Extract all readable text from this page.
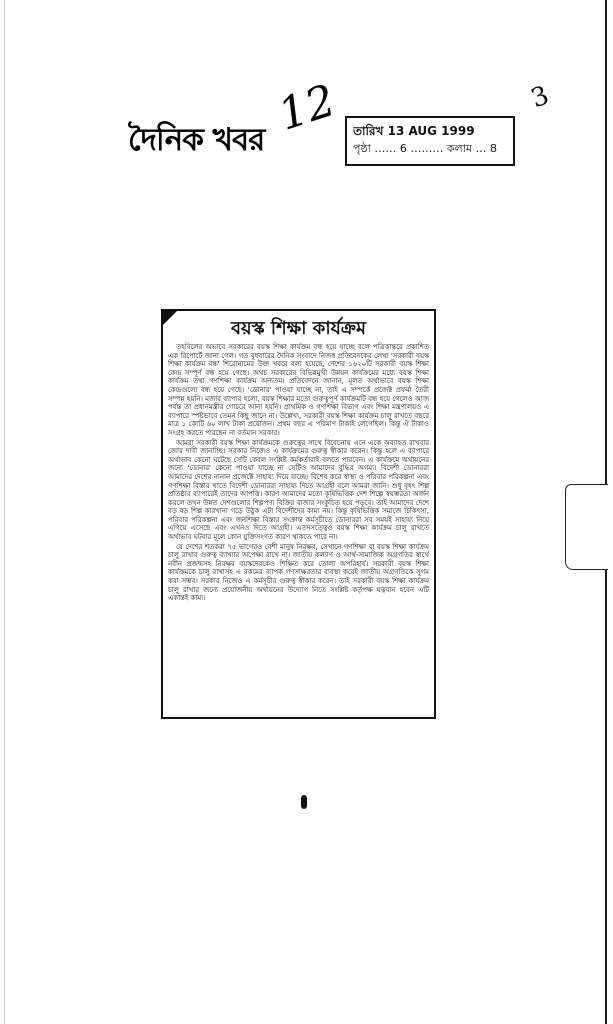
দৈনিক খবর 12	3
তারিখ 13 AUG 1999
পৃষ্ঠা …… 6 ……… কলাম … 8
বয়স্ক শিক্ষা কার্যক্রম

তহবিলের অভাবে সরকারের বয়স্ক শিক্ষা কার্যক্রম বন্ধ হয়ে যাচ্ছে বলে পত্রিকান্তরে প্রকাশিত এক রিপোর্টে জানা গেল। গত বুধবারের দৈনিক সংবাদে নিজস্ব প্রতিবেদকের লেখা 'সরকারী বয়স্ক শিক্ষা কার্যক্রম বন্ধ' শিরোনামের উক্ত খবরে বলা হয়েছে, দেশের ১৬২০টি সরকারী বয়স্ক শিক্ষা কেন্দ্র সম্পূর্ণ বন্ধ হয়ে গেছে। অথচ সরকারের বিভিন্নমুখী উন্নয়ন কার্যক্রমের মধ্যে বয়স্ক শিক্ষা কার্যক্রম তথা গণশিক্ষা কার্যক্রম অন্যতম। প্রতিবেদনে জানান, মূলত অর্থাভাবে বয়স্ক শিক্ষা কেন্দ্রগুলো বন্ধ হয়ে গেছে। 'ডোনার' পাওয়া যাচ্ছে না, তাই এ সম্পর্কে প্রজেক্ট প্রফর্মা তৈরী সম্পন্ন হয়নি। মজার ব্যাপার হলো, বয়স্ক শিক্ষার মতো গুরুত্বপূর্ণ কার্যক্রমটি বন্ধ হয়ে গেলেও আজ পর্যন্ত তা প্রধানমন্ত্রীর গোচরে আনা হয়নি। প্রাথমিক ও গণশিক্ষা বিভাগ এবং শিক্ষা মন্ত্রণালয়ও এ ব্যাপারে স্পষ্টভাবে তেমন কিছু জানে না। উল্লেখ্য, সরকারী বয়স্ক শিক্ষা কার্যক্রম চালু রাখতে বছরে মাত্র ১ কোটি ৬০ লাখ টাকা প্রয়োজন। প্রথম বছর এ পরিমাণ টাকাই লেগেছিল। কিন্তু ঐ টাকাও সংগ্রহ করতে পারছেন না বর্তমান সরকার।

আমরা সরকারী বয়স্ক শিক্ষা কার্যক্রমকে গুরুত্বের সাথে বিবেচনায় এনে একে অব্যাহত রাখবার জোর দাবী জানাচ্ছি। সরকার নিজেও এ কার্যক্রমের গুরুত্ব স্বীকার করেন। কিন্তু হলে এ ব্যাপারে অর্থাভাব কেনো ঘটেছে সেটি কেবল সংশ্লিষ্ট কর্মকর্তারাই বলতে পারবেন। এ কার্যক্রমে অর্থায়নের জন্যে 'ডোনার' কেনো পাওয়া যাচ্ছে না সেটিও আমাদের বুদ্ধির অগম্য। বিদেশী ডোনাররা আমাদের দেশের নানান প্রজেক্টে সাহায্য দিয়ে যাচ্ছে। বিশেষ করে স্বাস্থ্য ও পরিবার পরিকল্পনা এবং গণশিক্ষা বিস্তার খাতে বিদেশী ডোনাররা সাহায্য দিতে আগ্রহী বলে আমরা জানি। শুধু বৃহৎ শিল্প প্রতিষ্ঠার ব্যাপারেই তাদের আপত্তি। কারণ আমাদের মতো কৃষিভিত্তিক দেশ শিল্পে স্বয়ম্ভরতা অর্জন করলে তখন উন্নত দেশগুলোর শিল্পপণ্য বিক্রির বাজার সংকুচিত হয়ে পড়বে। তাই আমাদের দেশে বড় বড় শিল্প কারখানা গড়ে উঠুক এটা বিদেশীদের কাম্য নয়। কিন্তু কৃষিভিত্তিক সমাজে চিকিৎসা, পরিবার পরিকল্পনা এবং জনশিক্ষা বিস্তার সংক্রান্ত কর্মসূচীতে ডোনাররা সব সময়ই সাহায্য নিয়ে এগিয়ে এসেছে এবং এখনও দিতে আগ্রহী। এতদসত্ত্বেও বয়স্ক শিক্ষা কার্যক্রম চালু রাখতে অর্থাভাব ঘটবার মূলে কোন যুক্তিসংগত কারণ থাকতে পারে না।

যে দেশের শতকরা ৭৫ ভাগেরও বেশী মানুষ নিরক্ষর, সেখানে গণশিক্ষা বা বয়স্ক শিক্ষা কার্যক্রম চালু রাখার গুরুত্ব ব্যাখ্যার অপেক্ষা রাখে না। জাতীয় কল্যাণ ও আর্থ-সামাজিক অগ্রগতির স্বার্থে নবীন প্রজন্মসহ নিরক্ষর বয়স্কদেরকেও শিক্ষিত করে তোলা অপরিহার্য। সরকারী বয়স্ক শিক্ষা কার্যক্রমকে চালু রাখাসহ এ রকমের ব্যাপক গণসাক্ষরতার ব্যবস্থা করেই জাতীয় অগ্রগতিকে সুগম করা সম্ভব। সরকার নিজেও এ কর্মসূচীর গুরুত্ব স্বীকার করেন। তাই সরকারী বয়স্ক শিক্ষা কার্যক্রম চালু রাখার জন্যে প্রয়োজনীয় অর্থায়নের উদ্যোগ নিতে সংশ্লিষ্ট কর্তৃপক্ষ যত্নবান হবেন এটি একান্তই কাম্য।
